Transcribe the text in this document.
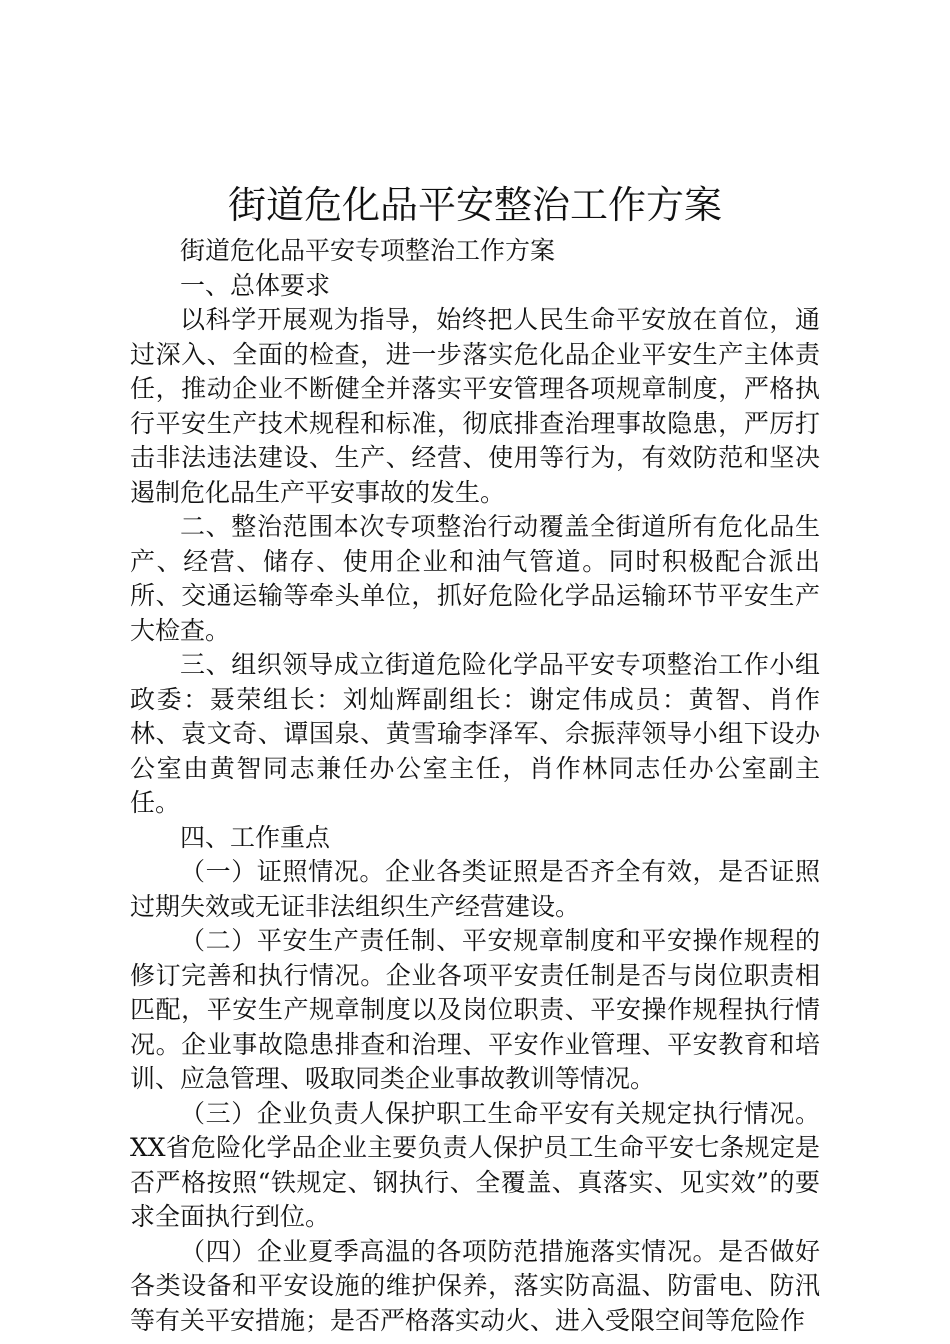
街道危化品平安整治工作方案

街道危化品平安专项整治工作方案

一、总体要求

以科学开展观为指导，始终把人民生命平安放在首位，通过深入、全面的检查，进一步落实危化品企业平安生产主体责任，推动企业不断健全并落实平安管理各项规章制度，严格执行平安生产技术规程和标准，彻底排查治理事故隐患，严厉打击非法违法建设、生产、经营、使用等行为，有效防范和坚决遏制危化品生产平安事故的发生。

二、整治范围本次专项整治行动覆盖全街道所有危化品生产、经营、储存、使用企业和油气管道。同时积极配合派出所、交通运输等牵头单位，抓好危险化学品运输环节平安生产大检查。

三、组织领导成立街道危险化学品平安专项整治工作小组政委：聂荣组长：刘灿辉副组长：谢定伟成员：黄智、肖作林、袁文奇、谭国泉、黄雪瑜李泽军、佘振萍领导小组下设办公室由黄智同志兼任办公室主任，肖作林同志任办公室副主任。

四、工作重点

（一）证照情况。企业各类证照是否齐全有效，是否证照过期失效或无证非法组织生产经营建设。

（二）平安生产责任制、平安规章制度和平安操作规程的修订完善和执行情况。企业各项平安责任制是否与岗位职责相匹配，平安生产规章制度以及岗位职责、平安操作规程执行情况。企业事故隐患排查和治理、平安作业管理、平安教育和培训、应急管理、吸取同类企业事故教训等情况。

（三）企业负责人保护职工生命平安有关规定执行情况。XX省危险化学品企业主要负责人保护员工生命平安七条规定是否严格按照“铁规定、钢执行、全覆盖、真落实、见实效”的要求全面执行到位。

（四）企业夏季高温的各项防范措施落实情况。是否做好各类设备和平安设施的维护保养，落实防高温、防雷电、防汛等有关平安措施；是否严格落实动火、进入受限空间等危险作
